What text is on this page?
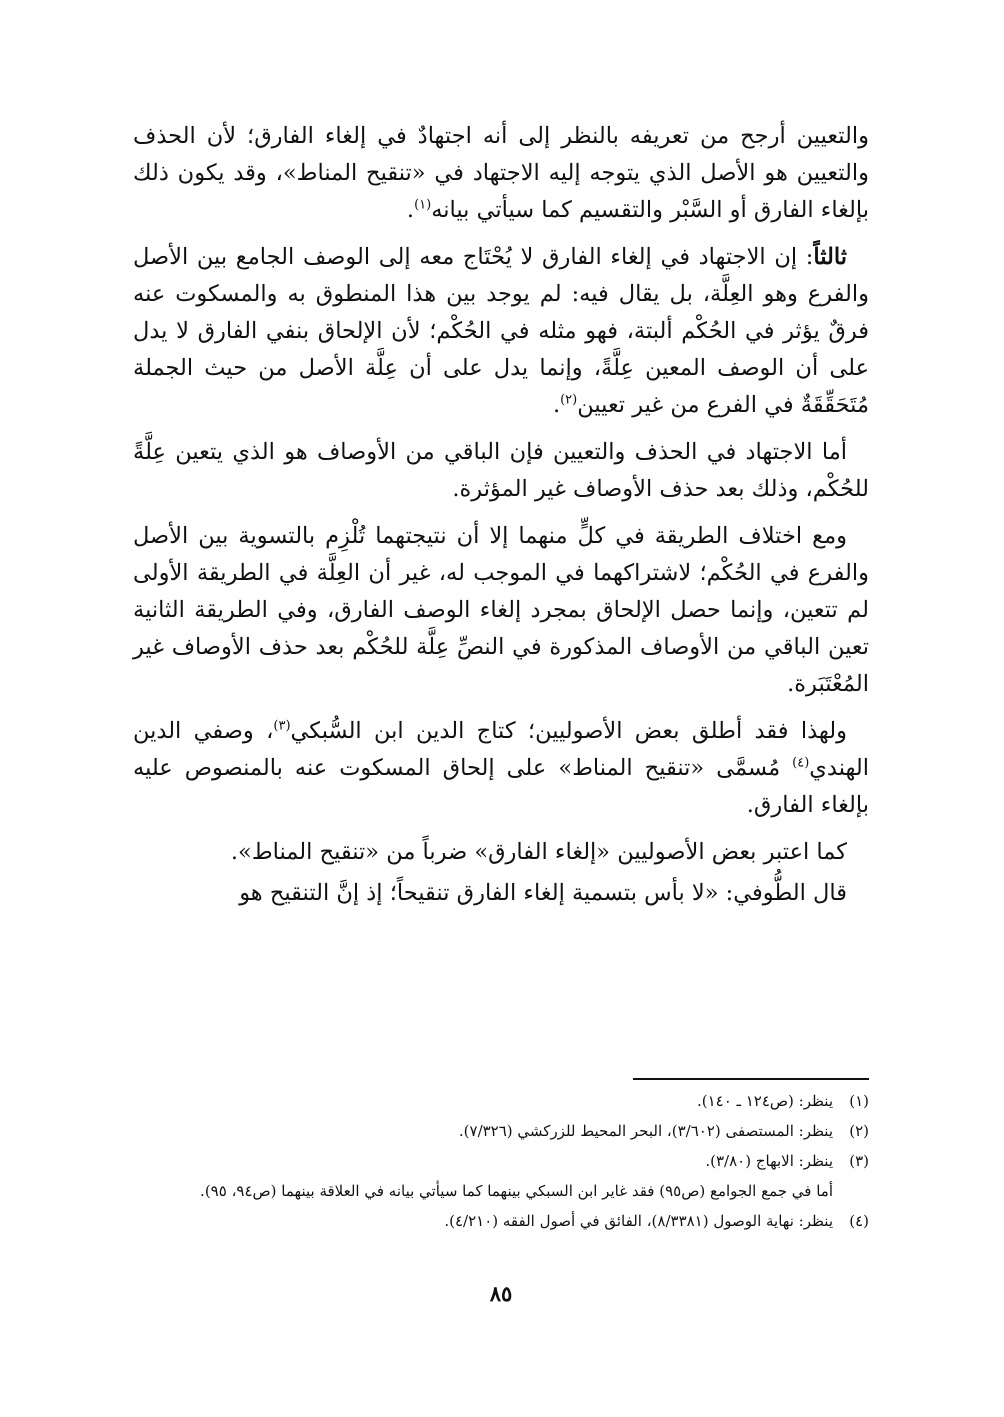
والتعيين أرجح من تعريفه بالنظر إلى أنه اجتهادٌ في إلغاء الفارق؛ لأن الحذف والتعيين هو الأصل الذي يتوجه إليه الاجتهاد في «تنقيح المناط»، وقد يكون ذلك بإلغاء الفارق أو السَّبْر والتقسيم كما سيأتي بيانه$^{(١)}$.

ثالثاً: إن الاجتهاد في إلغاء الفارق لا يُحْتَاج معه إلى الوصف الجامع بين الأصل والفرع وهو العِلَّة، بل يقال فيه: لم يوجد بين هذا المنطوق به والمسكوت عنه فرقٌ يؤثر في الحُكْم ألبتة، فهو مثله في الحُكْم؛ لأن الإلحاق بنفي الفارق لا يدل على أن الوصف المعين عِلَّةً، وإنما يدل على أن عِلَّة الأصل من حيث الجملة مُتَحَقِّقَةٌ في الفرع من غير تعيين$^{(٢)}$.

أما الاجتهاد في الحذف والتعيين فإن الباقي من الأوصاف هو الذي يتعين عِلَّةً للحُكْم، وذلك بعد حذف الأوصاف غير المؤثرة.

ومع اختلاف الطريقة في كلٍّ منهما إلا أن نتيجتهما تُلْزِم بالتسوية بين الأصل والفرع في الحُكْم؛ لاشتراكهما في الموجب له، غير أن العِلَّة في الطريقة الأولى لم تتعين، وإنما حصل الإلحاق بمجرد إلغاء الوصف الفارق، وفي الطريقة الثانية تعين الباقي من الأوصاف المذكورة في النصِّ عِلَّة للحُكْم بعد حذف الأوصاف غير المُعْتَبَرة.

ولهذا فقد أطلق بعض الأصوليين؛ كتاج الدين ابن السُّبكي$^{(٣)}$، وصفي الدين الهندي$^{(٤)}$ مُسمَّى «تنقيح المناط» على إلحاق المسكوت عنه بالمنصوص عليه بإلغاء الفارق.

كما اعتبر بعض الأصوليين «إلغاء الفارق» ضرباً من «تنقيح المناط».

قال الطُّوفي: «لا بأس بتسمية إلغاء الفارق تنقيحاً؛ إذ إنَّ التنقيح هو

(١)
ينظر: (ص١٢٤ ـ ١٤٠).
(٢)
ينظر: المستصفى (٣/٦٠٢)، البحر المحيط للزركشي (٧/٣٢٦).
(٣)
ينظر: الابهاج (٣/٨٠).
أما في جمع الجوامع (ص٩٥) فقد غاير ابن السبكي بينهما كما سيأتي بيانه في العلاقة بينهما (ص٩٤، ٩٥).
(٤)
ينظر: نهاية الوصول (٨/٣٣٨١)، الفائق في أصول الفقه (٤/٢١٠).
٨٥
